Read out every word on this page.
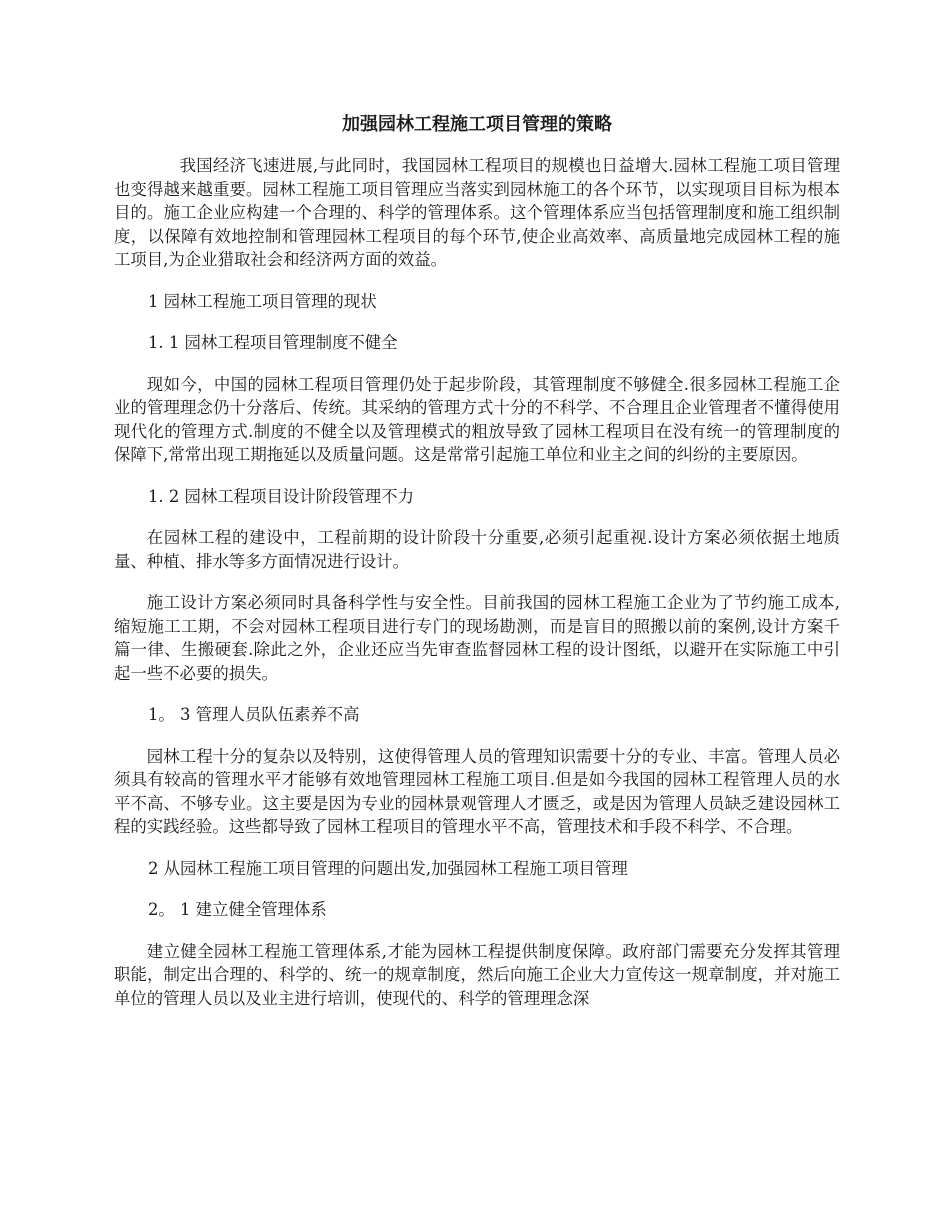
加强园林工程施工项目管理的策略

我国经济飞速进展,与此同时，我国园林工程项目的规模也日益增大.园林工程施工项目管理也变得越来越重要。园林工程施工项目管理应当落实到园林施工的各个环节，以实现项目目标为根本目的。施工企业应构建一个合理的、科学的管理体系。这个管理体系应当包括管理制度和施工组织制度，以保障有效地控制和管理园林工程项目的每个环节,使企业高效率、高质量地完成园林工程的施工项目,为企业猎取社会和经济两方面的效益。

1 园林工程施工项目管理的现状

1. 1 园林工程项目管理制度不健全

现如今，中国的园林工程项目管理仍处于起步阶段，其管理制度不够健全.很多园林工程施工企业的管理理念仍十分落后、传统。其采纳的管理方式十分的不科学、不合理且企业管理者不懂得使用现代化的管理方式.制度的不健全以及管理模式的粗放导致了园林工程项目在没有统一的管理制度的保障下,常常出现工期拖延以及质量问题。这是常常引起施工单位和业主之间的纠纷的主要原因。

1. 2 园林工程项目设计阶段管理不力

在园林工程的建设中，工程前期的设计阶段十分重要,必须引起重视.设计方案必须依据土地质量、种植、排水等多方面情况进行设计。

施工设计方案必须同时具备科学性与安全性。目前我国的园林工程施工企业为了节约施工成本,缩短施工工期，不会对园林工程项目进行专门的现场勘测，而是盲目的照搬以前的案例,设计方案千篇一律、生搬硬套.除此之外，企业还应当先审查监督园林工程的设计图纸，以避开在实际施工中引起一些不必要的损失。

1。 3 管理人员队伍素养不高

园林工程十分的复杂以及特别，这使得管理人员的管理知识需要十分的专业、丰富。管理人员必须具有较高的管理水平才能够有效地管理园林工程施工项目.但是如今我国的园林工程管理人员的水平不高、不够专业。这主要是因为专业的园林景观管理人才匮乏，或是因为管理人员缺乏建设园林工程的实践经验。这些都导致了园林工程项目的管理水平不高，管理技术和手段不科学、不合理。

2 从园林工程施工项目管理的问题出发,加强园林工程施工项目管理

2。 1 建立健全管理体系

建立健全园林工程施工管理体系,才能为园林工程提供制度保障。政府部门需要充分发挥其管理职能，制定出合理的、科学的、统一的规章制度，然后向施工企业大力宣传这一规章制度，并对施工单位的管理人员以及业主进行培训，使现代的、科学的管理理念深
